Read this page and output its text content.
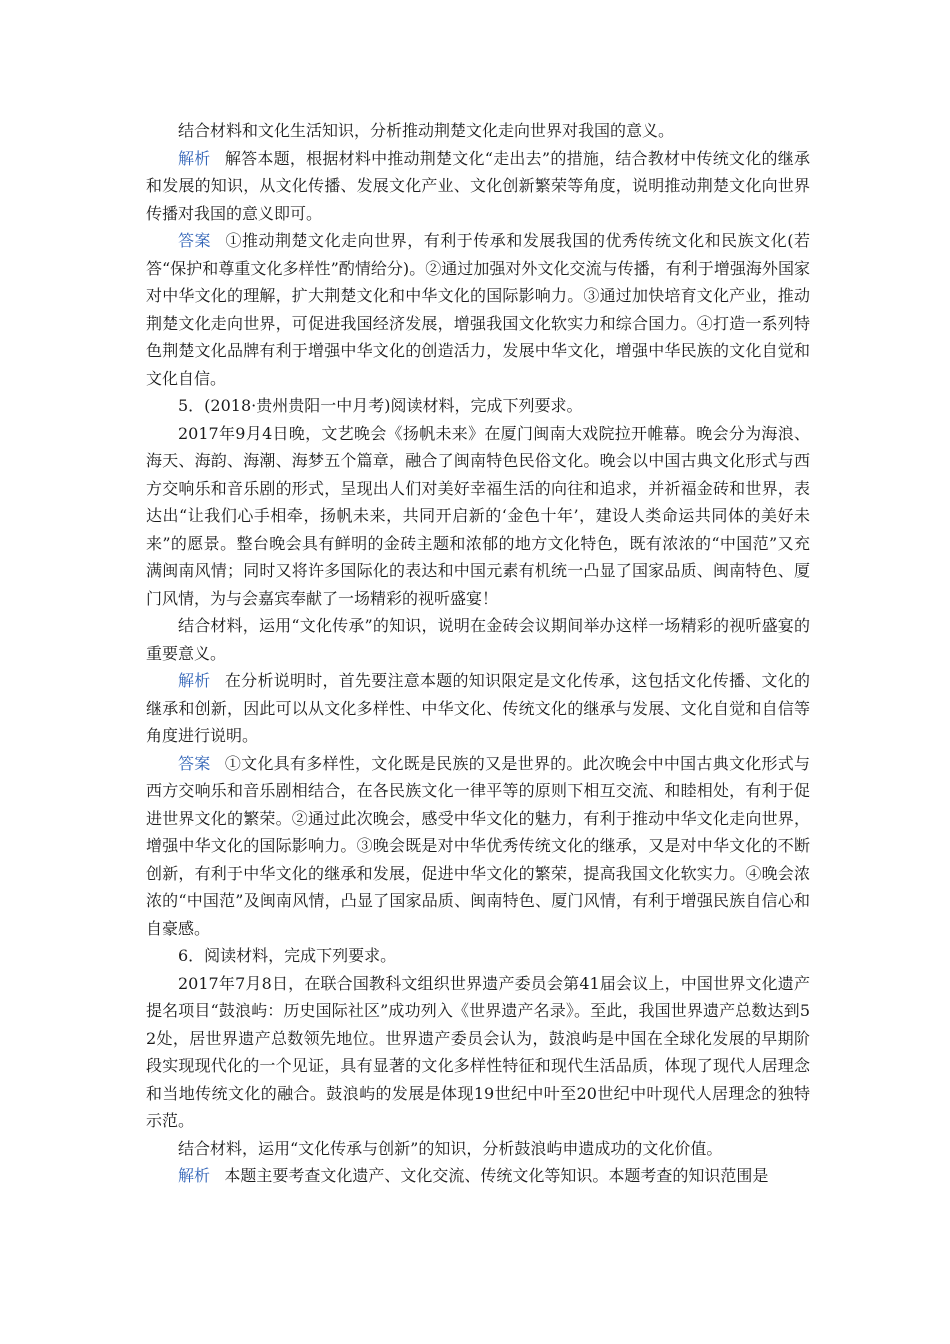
结合材料和文化生活知识，分析推动荆楚文化走向世界对我国的意义。

解析 解答本题，根据材料中推动荆楚文化“走出去”的措施，结合教材中传统文化的继承和发展的知识，从文化传播、发展文化产业、文化创新繁荣等角度，说明推动荆楚文化向世界传播对我国的意义即可。

答案 ①推动荆楚文化走向世界，有利于传承和发展我国的优秀传统文化和民族文化(若答“保护和尊重文化多样性”酌情给分)。②通过加强对外文化交流与传播，有利于增强海外国家对中华文化的理解，扩大荆楚文化和中华文化的国际影响力。③通过加快培育文化产业，推动荆楚文化走向世界，可促进我国经济发展，增强我国文化软实力和综合国力。④打造一系列特色荆楚文化品牌有利于增强中华文化的创造活力，发展中华文化，增强中华民族的文化自觉和文化自信。

5．(2018·贵州贵阳一中月考)阅读材料，完成下列要求。

2017年9月4日晚，文艺晚会《扬帆未来》在厦门闽南大戏院拉开帷幕。晚会分为海浪、海天、海韵、海潮、海梦五个篇章，融合了闽南特色民俗文化。晚会以中国古典文化形式与西方交响乐和音乐剧的形式，呈现出人们对美好幸福生活的向往和追求，并祈福金砖和世界，表达出“让我们心手相牵，扬帆未来，共同开启新的‘金色十年’，建设人类命运共同体的美好未来”的愿景。整台晚会具有鲜明的金砖主题和浓郁的地方文化特色，既有浓浓的“中国范”又充满闽南风情；同时又将许多国际化的表达和中国元素有机统一凸显了国家品质、闽南特色、厦门风情，为与会嘉宾奉献了一场精彩的视听盛宴！

结合材料，运用“文化传承”的知识，说明在金砖会议期间举办这样一场精彩的视听盛宴的重要意义。

解析 在分析说明时，首先要注意本题的知识限定是文化传承，这包括文化传播、文化的继承和创新，因此可以从文化多样性、中华文化、传统文化的继承与发展、文化自觉和自信等角度进行说明。

答案 ①文化具有多样性，文化既是民族的又是世界的。此次晚会中中国古典文化形式与西方交响乐和音乐剧相结合，在各民族文化一律平等的原则下相互交流、和睦相处，有利于促进世界文化的繁荣。②通过此次晚会，感受中华文化的魅力，有利于推动中华文化走向世界，增强中华文化的国际影响力。③晚会既是对中华优秀传统文化的继承，又是对中华文化的不断创新，有利于中华文化的继承和发展，促进中华文化的繁荣，提高我国文化软实力。④晚会浓浓的“中国范”及闽南风情，凸显了国家品质、闽南特色、厦门风情，有利于增强民族自信心和自豪感。

6．阅读材料，完成下列要求。

2017年7月8日，在联合国教科文组织世界遗产委员会第41届会议上，中国世界文化遗产提名项目“鼓浪屿：历史国际社区”成功列入《世界遗产名录》。至此，我国世界遗产总数达到52处，居世界遗产总数领先地位。世界遗产委员会认为，鼓浪屿是中国在全球化发展的早期阶段实现现代化的一个见证，具有显著的文化多样性特征和现代生活品质，体现了现代人居理念和当地传统文化的融合。鼓浪屿的发展是体现19世纪中叶至20世纪中叶现代人居理念的独特示范。

结合材料，运用“文化传承与创新”的知识，分析鼓浪屿申遗成功的文化价值。

解析 本题主要考查文化遗产、文化交流、传统文化等知识。本题考查的知识范围是
